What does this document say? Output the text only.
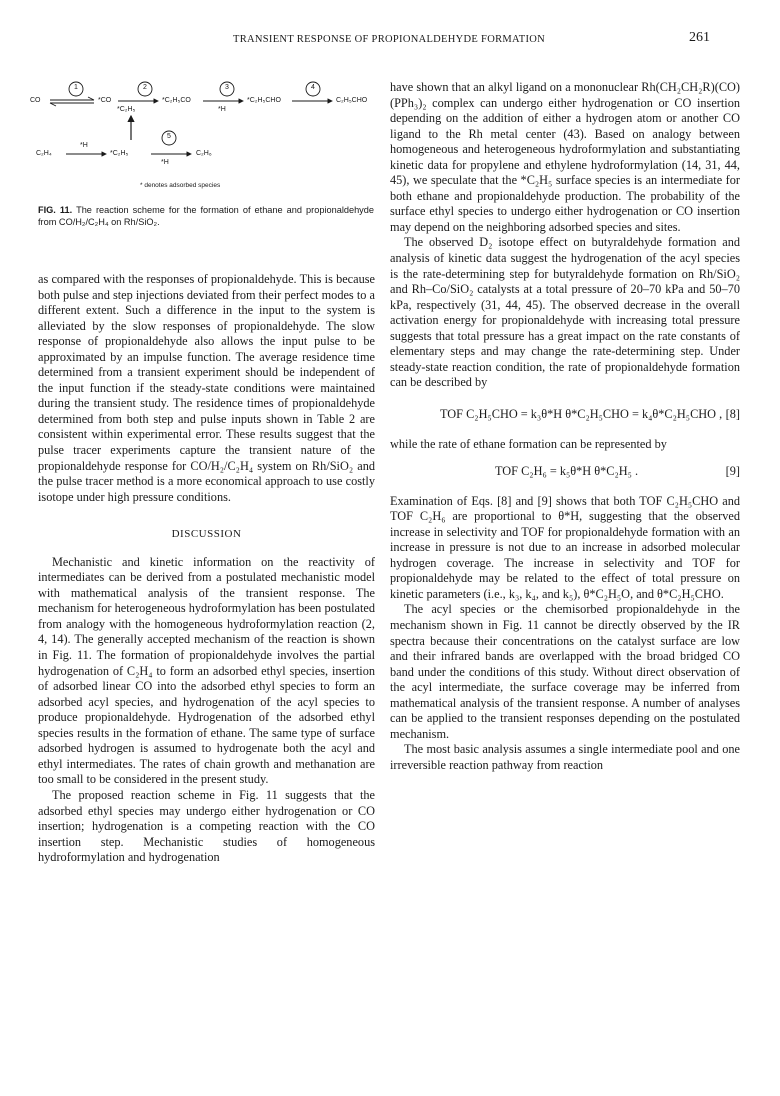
TRANSIENT RESPONSE OF PROPIONALDEHYDE FORMATION	261
1	2	3	4
5
CO	*CO
*C₂H₅
*C₂H₅CO
*H
*C₂H₅CHO	C₂H₅CHO
C₂H₄
*H
*C₂H₅
*H
C₂H₆
* denotes adsorbed species
FIG. 11. The reaction scheme for the formation of ethane and propionaldehyde from CO/H₂/C₂H₄ on Rh/SiO₂.

as compared with the responses of propionaldehyde. This is because both pulse and step injections deviated from their perfect modes to a different extent. Such a difference in the input to the system is alleviated by the slow responses of propionaldehyde. The slow response of propionaldehyde also allows the input pulse to be approximated by an impulse function. The average residence time determined from a transient experiment should be independent of the input function if the steady-state conditions were maintained during the transient study. The residence times of propionaldehyde determined from both step and pulse inputs shown in Table 2 are consistent within experimental error. These results suggest that the pulse tracer experiments capture the transient nature of the propionaldehyde response for CO/H₂/C₂H₄ system on Rh/SiO₂ and the pulse tracer method is a more economical approach to use costly isotope under high pressure conditions.

DISCUSSION

Mechanistic and kinetic information on the reactivity of intermediates can be derived from a postulated mechanistic model with mathematical analysis of the transient response. The mechanism for heterogeneous hydroformylation has been postulated from analogy with the homogeneous hydroformylation reaction (2, 4, 14). The generally accepted mechanism of the reaction is shown in Fig. 11. The formation of propionaldehyde involves the partial hydrogenation of C₂H₄ to form an adsorbed ethyl species, insertion of adsorbed linear CO into the adsorbed ethyl species to form an adsorbed acyl species, and hydrogenation of the acyl species to produce propionaldehyde. Hydrogenation of the adsorbed ethyl species results in the formation of ethane. The same type of surface adsorbed hydrogen is assumed to hydrogenate both the acyl and ethyl intermediates. The rates of chain growth and methanation are too small to be considered in the present study.

The proposed reaction scheme in Fig. 11 suggests that the adsorbed ethyl species may undergo either hydrogenation or CO insertion; hydrogenation is a competing reaction with the CO insertion step. Mechanistic studies of homogeneous hydroformylation and hydrogenation

have shown that an alkyl ligand on a mononuclear Rh(CH₂CH₂R)(CO)(PPh₃)₂ complex can undergo either hydrogenation or CO insertion depending on the addition of either a hydrogen atom or another CO ligand to the Rh metal center (43). Based on analogy between homogeneous and heterogeneous hydroformylation and substantiating kinetic data for propylene and ethylene hydroformylation (14, 31, 44, 45), we speculate that the *C₂H₅ surface species is an intermediate for both ethane and propionaldehyde production. The probability of the surface ethyl species to undergo either hydrogenation or CO insertion may depend on the neighboring adsorbed species and sites.

The observed D₂ isotope effect on butyraldehyde formation and analysis of kinetic data suggest the hydrogenation of the acyl species is the rate-determining step for butyraldehyde formation on Rh/SiO₂ and Rh–Co/SiO₂ catalysts at a total pressure of 20–70 kPa and 50–70 kPa, respectively (31, 44, 45). The observed decrease in the overall activation energy for propionaldehyde with increasing total pressure suggests that total pressure has a great impact on the rate constants of elementary steps and may change the rate-determining step. Under steady-state reaction condition, the rate of propionaldehyde formation can be described by

TOF C₂H₅CHO = k₃θ*H θ*C₂H₅CHO = k₄θ*C₂H₅CHO , [8]

while the rate of ethane formation can be represented by

TOF C₂H₆ = k₅θ*H θ*C₂H₅ .	[9]

Examination of Eqs. [8] and [9] shows that both TOF C₂H₅CHO and TOF C₂H₆ are proportional to θ*H, suggesting that the observed increase in selectivity and TOF for propionaldehyde formation with an increase in pressure is not due to an increase in adsorbed molecular hydrogen coverage. The increase in selectivity and TOF for propionaldehyde may be related to the effect of total pressure on kinetic parameters (i.e., k₃, k₄, and k₅), θ*C₂H₅O, and θ*C₂H₅CHO.

The acyl species or the chemisorbed propionaldehyde in the mechanism shown in Fig. 11 cannot be directly observed by the IR spectra because their concentrations on the catalyst surface are low and their infrared bands are overlapped with the broad bridged CO band under the conditions of this study. Without direct observation of the acyl intermediate, the surface coverage may be inferred from mathematical analysis of the transient response. A number of analyses can be applied to the transient responses depending on the postulated mechanism.

The most basic analysis assumes a single intermediate pool and one irreversible reaction pathway from reaction
